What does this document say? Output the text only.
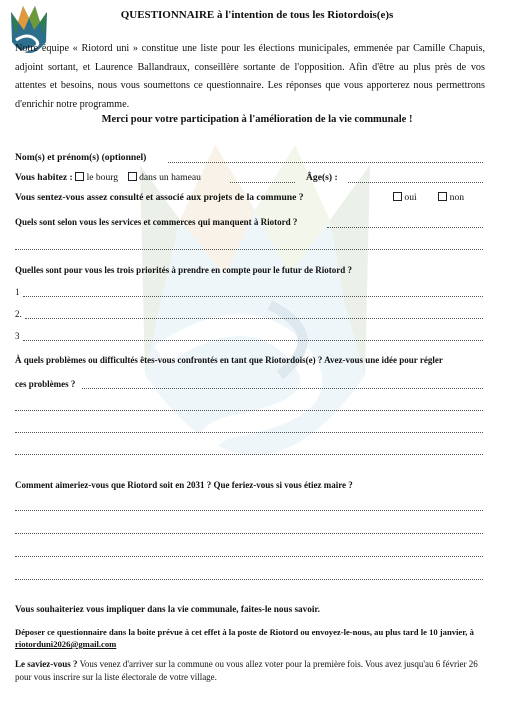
QUESTIONNAIRE à l'intention de tous les Riotordois(e)s
Notre équipe « Riotord uni » constitue une liste pour les élections municipales, emmenée par Camille Chapuis, adjoint sortant, et Laurence Ballandraux, conseillère sortante de l'opposition. Afin d'être au plus près de vos attentes et besoins, nous vous soumettons ce questionnaire. Les réponses que vous apporterez nous permettrons d'enrichir notre programme.
Merci pour votre participation à l'amélioration de la vie communale !
Nom(s) et prénom(s) (optionnel)
Vous habitez : le bourg dans un hameau	Âge(s) :
Vous sentez-vous assez consulté et associé aux projets de la commune ?	oui	non
Quels sont selon vous les services et commerces qui manquent à Riotord ?
Quelles sont pour vous les trois priorités à prendre en compte pour le futur de Riotord ?
1
2.
3
À quels problèmes ou difficultés êtes-vous confrontés en tant que Riotordois(e) ? Avez-vous une idée pour régler
ces problèmes ?
Comment aimeriez-vous que Riotord soit en 2031 ? Que feriez-vous si vous étiez maire ?
Vous souhaiteriez vous impliquer dans la vie communale, faites-le nous savoir.
Déposer ce questionnaire dans la boite prévue à cet effet à la poste de Riotord ou envoyez-le-nous, au plus tard le 10 janvier, à riotorduni2026@gmail.com
Le saviez-vous ? Vous venez d'arriver sur la commune ou vous allez voter pour la première fois. Vous avez jusqu'au 6 février 26 pour vous inscrire sur la liste électorale de votre village.
